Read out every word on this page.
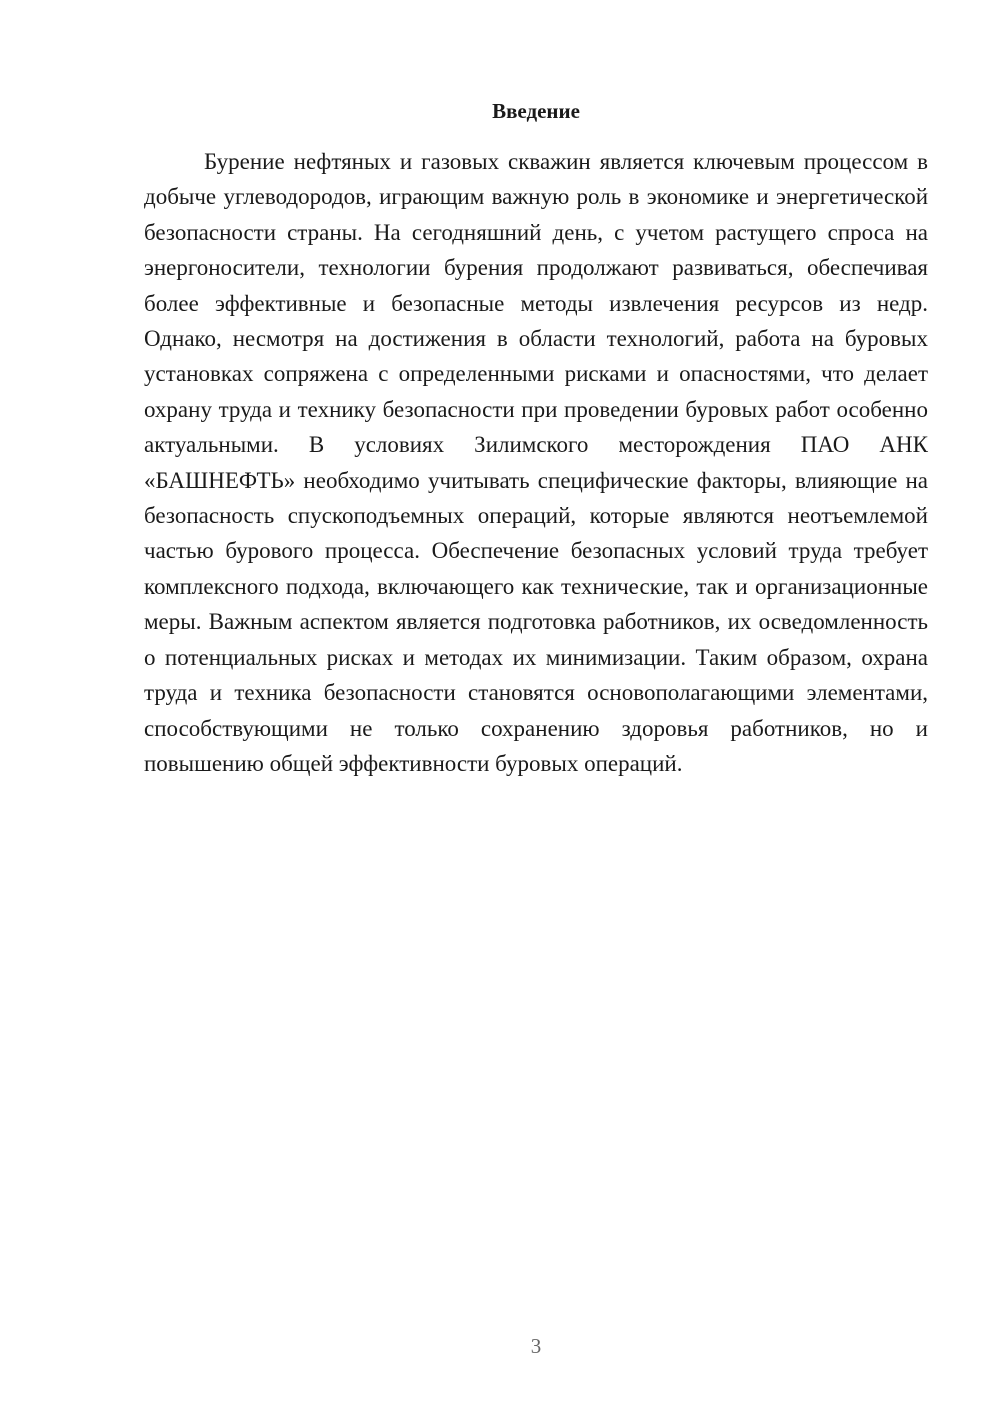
Введение

Бурение нефтяных и газовых скважин является ключевым процессом в добыче углеводородов, играющим важную роль в экономике и энергетической безопасности страны. На сегодняшний день, с учетом растущего спроса на энергоносители, технологии бурения продолжают развиваться, обеспечивая более эффективные и безопасные методы извлечения ресурсов из недр. Однако, несмотря на достижения в области технологий, работа на буровых установках сопряжена с определенными рисками и опасностями, что делает охрану труда и технику безопасности при проведении буровых работ особенно актуальными. В условиях Зилимского месторождения ПАО АНК «БАШНЕФТЬ» необходимо учитывать специфические факторы, влияющие на безопасность спускоподъемных операций, которые являются неотъемлемой частью бурового процесса. Обеспечение безопасных условий труда требует комплексного подхода, включающего как технические, так и организационные меры. Важным аспектом является подготовка работников, их осведомленность о потенциальных рисках и методах их минимизации. Таким образом, охрана труда и техника безопасности становятся основополагающими элементами, способствующими не только сохранению здоровья работников, но и повышению общей эффективности буровых операций.

3
